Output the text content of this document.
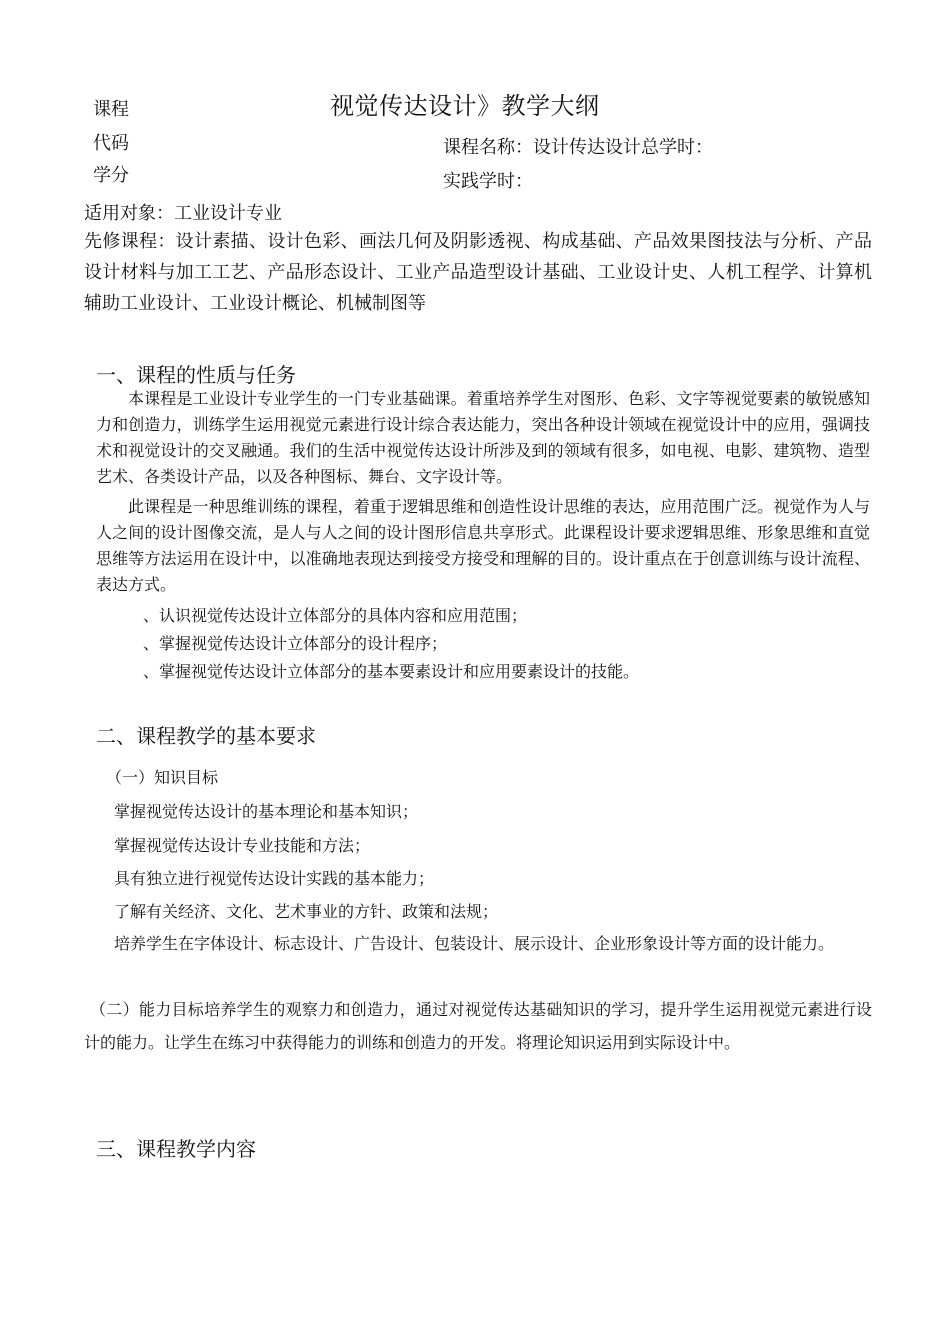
课程
代码
学分
视觉传达设计》教学大纲
课程名称：设计传达设计总学时：
实践学时：
适用对象：工业设计专业
先修课程：设计素描、设计色彩、画法几何及阴影透视、构成基础、产品效果图技法与分析、产品设计材料与加工工艺、产品形态设计、工业产品造型设计基础、工业设计史、人机工程学、计算机辅助工业设计、工业设计概论、机械制图等
一、课程的性质与任务
本课程是工业设计专业学生的一门专业基础课。着重培养学生对图形、色彩、文字等视觉要素的敏锐感知力和创造力，训练学生运用视觉元素进行设计综合表达能力，突出各种设计领域在视觉设计中的应用，强调技术和视觉设计的交叉融通。我们的生活中视觉传达设计所涉及到的领域有很多，如电视、电影、建筑物、造型艺术、各类设计产品，以及各种图标、舞台、文字设计等。
此课程是一种思维训练的课程，着重于逻辑思维和创造性设计思维的表达，应用范围广泛。视觉作为人与人之间的设计图像交流，是人与人之间的设计图形信息共享形式。此课程设计要求逻辑思维、形象思维和直觉思维等方法运用在设计中，以准确地表现达到接受方接受和理解的目的。设计重点在于创意训练与设计流程、表达方式。
、认识视觉传达设计立体部分的具体内容和应用范围；
、掌握视觉传达设计立体部分的设计程序；
、掌握视觉传达设计立体部分的基本要素设计和应用要素设计的技能。
二、课程教学的基本要求
（一）知识目标
掌握视觉传达设计的基本理论和基本知识；
掌握视觉传达设计专业技能和方法；
具有独立进行视觉传达设计实践的基本能力；
了解有关经济、文化、艺术事业的方针、政策和法规；
培养学生在字体设计、标志设计、广告设计、包装设计、展示设计、企业形象设计等方面的设计能力。
（二）能力目标培养学生的观察力和创造力，通过对视觉传达基础知识的学习，提升学生运用视觉元素进行设计的能力。让学生在练习中获得能力的训练和创造力的开发。将理论知识运用到实际设计中。
三、课程教学内容
